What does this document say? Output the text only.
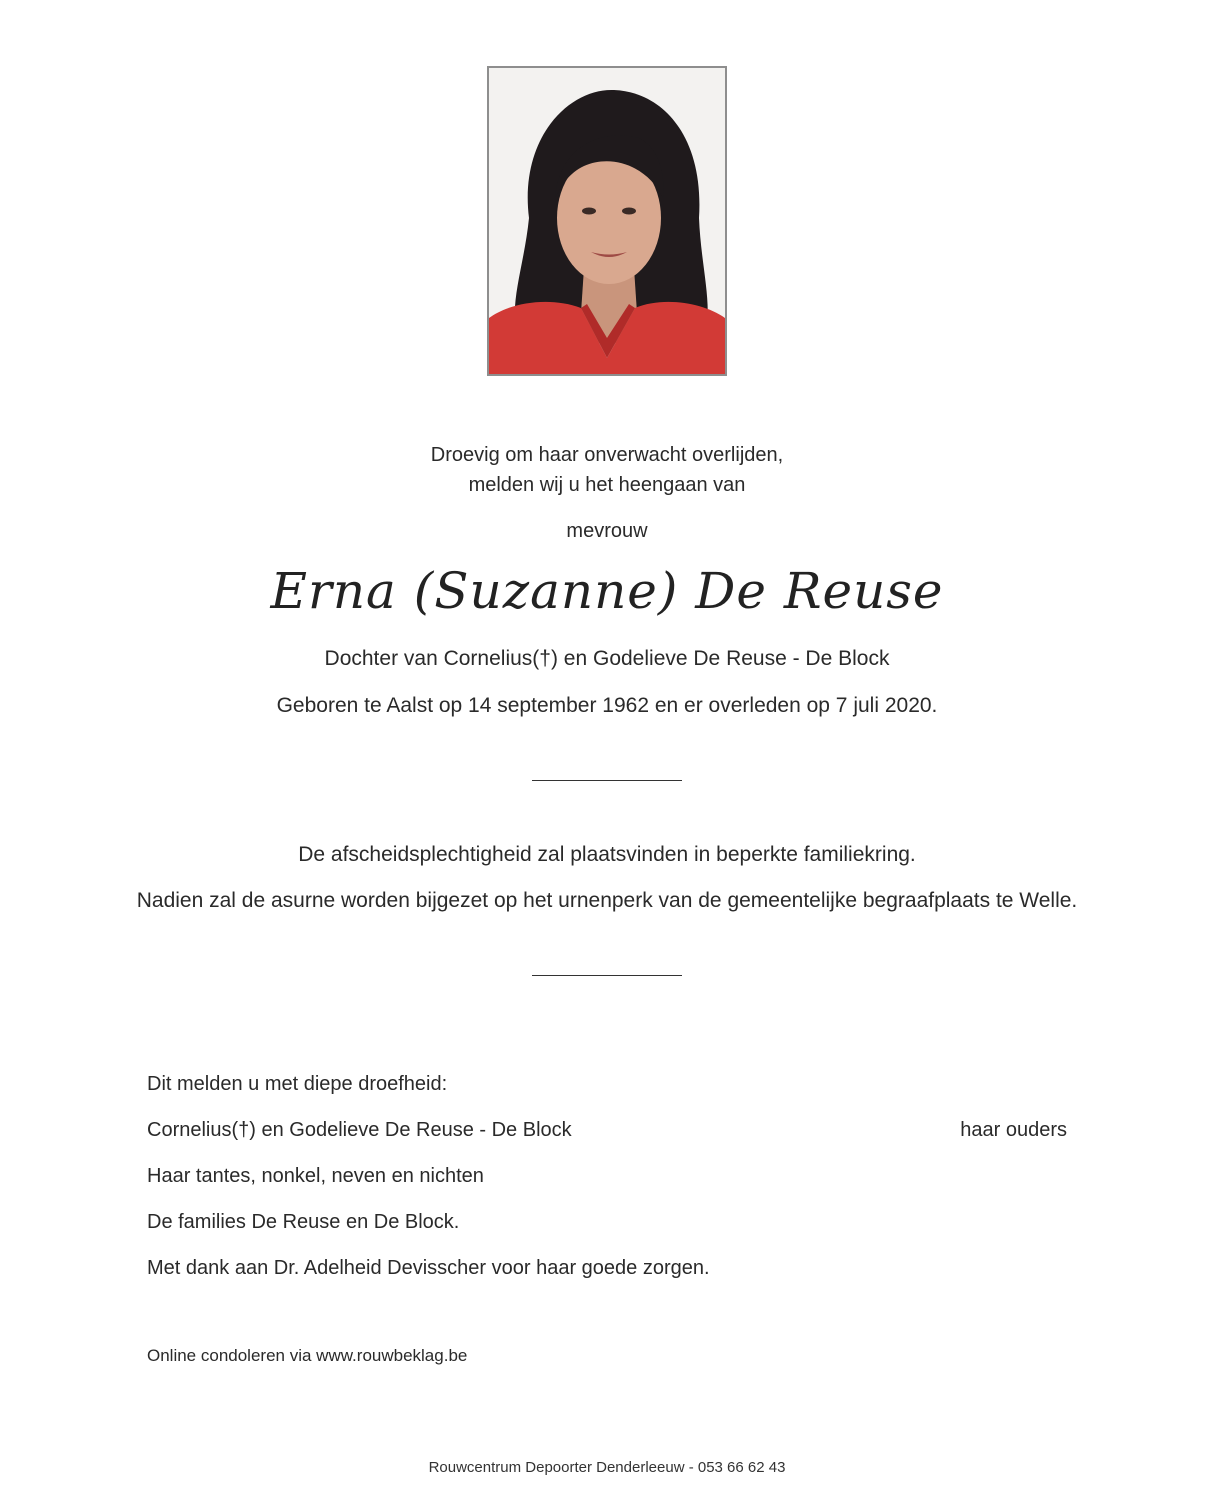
Droevig om haar onverwacht overlijden,
melden wij u het heengaan van
mevrouw
Erna (Suzanne) De Reuse
Dochter van Cornelius(†) en Godelieve De Reuse - De Block
Geboren te Aalst op 14 september 1962 en er overleden op 7 juli 2020.
De afscheidsplechtigheid zal plaatsvinden in beperkte familiekring.
Nadien zal de asurne worden bijgezet op het urnenperk van de gemeentelijke begraafplaats te Welle.
Dit melden u met diepe droefheid:
Cornelius(†) en Godelieve De Reuse - De Block	haar ouders
Haar tantes, nonkel, neven en nichten
De families De Reuse en De Block.
Met dank aan Dr. Adelheid Devisscher voor haar goede zorgen.
Online condoleren via www.rouwbeklag.be
Rouwcentrum Depoorter Denderleeuw - 053 66 62 43
